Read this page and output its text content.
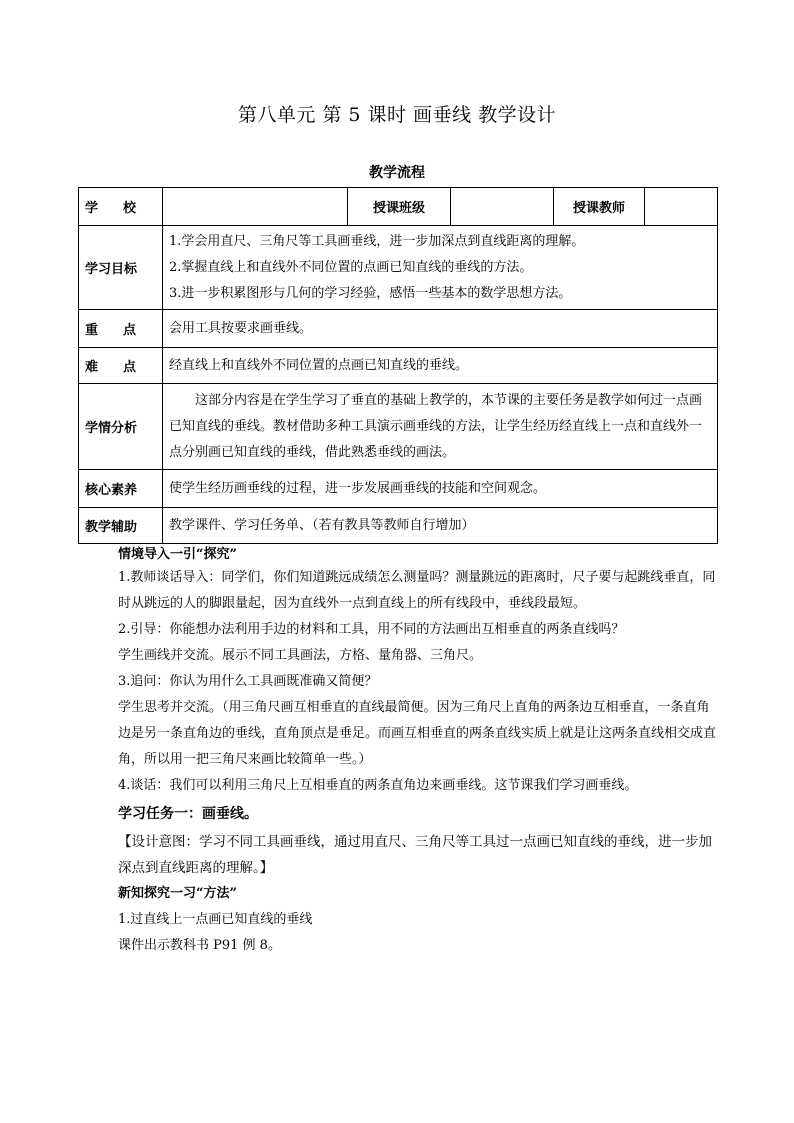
第八单元 第 5 课时 画垂线 教学设计
教学流程
学 校		授课班级		授课教师	
学习目标	1.学会用直尺、三角尺等工具画垂线，进一步加深点到直线距离的理解。

2.掌握直线上和直线外不同位置的点画已知直线的垂线的方法。

3.进一步积累图形与几何的学习经验，感悟一些基本的数学思想方法。				

重 点	会用工具按要求画垂线。				

难 点	经直线上和直线外不同位置的点画已知直线的垂线。				

学情分析	这部分内容是在学生学习了垂直的基础上教学的，本节课的主要任务是教学如何过一点画已知直线的垂线。教材借助多种工具演示画垂线的方法，让学生经历经直线上一点和直线外一点分别画已知直线的垂线，借此熟悉垂线的画法。				

核心素养	使学生经历画垂线的过程，进一步发展画垂线的技能和空间观念。				

教学辅助	教学课件、学习任务单、（若有教具等教师自行增加）				

情境导入一引“探究”

1.教师谈话导入：同学们，你们知道跳远成绩怎么测量吗？测量跳远的距离时，尺子要与起跳线垂直，同时从跳远的人的脚跟量起，因为直线外一点到直线上的所有线段中，垂线段最短。

2.引导：你能想办法利用手边的材料和工具，用不同的方法画出互相垂直的两条直线吗？

学生画线并交流。展示不同工具画法，方格、量角器、三角尺。

3.追问：你认为用什么工具画既准确又简便？

学生思考并交流。（用三角尺画互相垂直的直线最简便。因为三角尺上直角的两条边互相垂直，一条直角边是另一条直角边的垂线，直角顶点是垂足。而画互相垂直的两条直线实质上就是让这两条直线相交成直角，所以用一把三角尺来画比较简单一些。）

4.谈话：我们可以利用三角尺上互相垂直的两条直角边来画垂线。这节课我们学习画垂线。

学习任务一：画垂线。

【设计意图：学习不同工具画垂线，通过用直尺、三角尺等工具过一点画已知直线的垂线，进一步加深点到直线距离的理解。】

新知探究一习“方法”

1.过直线上一点画已知直线的垂线

课件出示教科书 P91 例 8。
